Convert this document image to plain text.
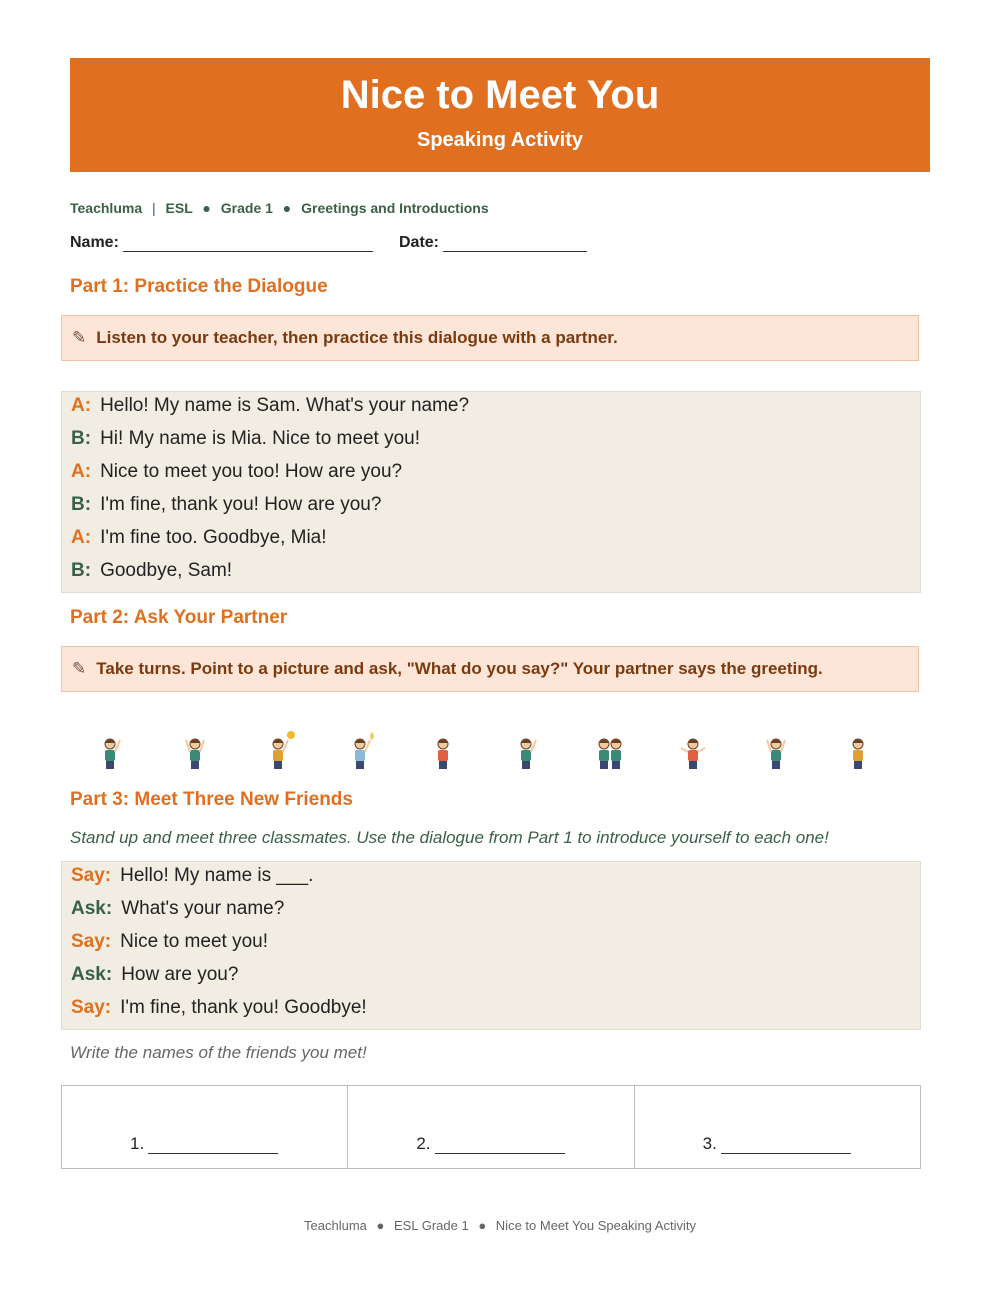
Nice to Meet You
Speaking Activity
Teachluma | ESL ● Grade 1 ● Greetings and Introductions
Name:	Date:
Part 1: Practice the Dialogue
✎ Listen to your teacher, then practice this dialogue with a partner.
A: Hello! My name is Sam. What's your name?
B: Hi! My name is Mia. Nice to meet you!
A: Nice to meet you too! How are you?
B: I'm fine, thank you! How are you?
A: I'm fine too. Goodbye, Mia!
B: Goodbye, Sam!
Part 2: Ask Your Partner
✎ Take turns. Point to a picture and ask, "What do you say?" Your partner says the greeting.
Part 3: Meet Three New Friends
Stand up and meet three classmates. Use the dialogue from Part 1 to introduce yourself to each one!
Say: Hello! My name is ___.
Ask: What's your name?
Say: Nice to meet you!
Ask: How are you?
Say: I'm fine, thank you! Goodbye!
Write the names of the friends you met!
1.	2.	3.
Teachluma ● ESL Grade 1 ● Nice to Meet You Speaking Activity
